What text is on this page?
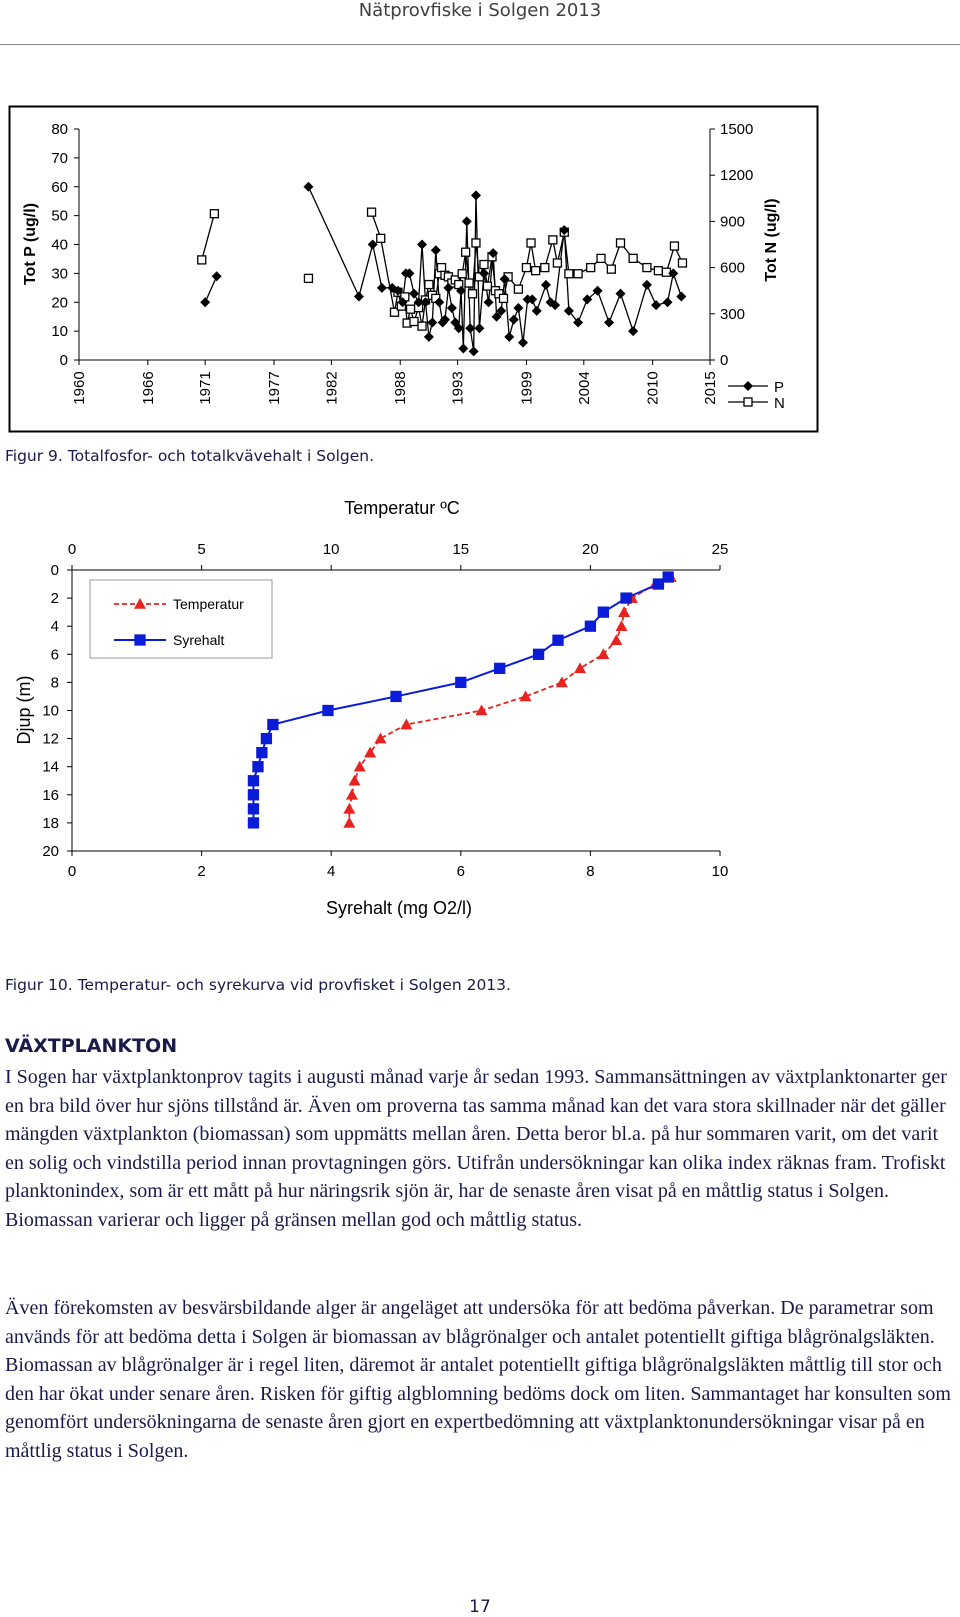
Nätprovfiske i Solgen 2013
0
10
20
30
40
50
60
70
80
0
300
600
900
1200
1500
1960	1966	1971	1977	1982	1988	1993	1999	2004	2010	2015
Tot P (ug/l)	Tot N (ug/l)
P
N
Figur 9. Totalfosfor- och totalkvävehalt i Solgen.
Temperatur ºC
0	5	10	15	20	25
0	2	4	6	8	10
0
2
4
6
8
10
12
14
16
18
20
Djup (m)
Syrehalt (mg O2/l)
Temperatur
Syrehalt
Figur 10. Temperatur- och syrekurva vid provfisket i Solgen 2013.
VÄXTPLANKTON
I Sogen har växtplanktonprov tagits i augusti månad varje år sedan 1993. Sammansättningen av växtplanktonarter ger en bra bild över hur sjöns tillstånd är. Även om proverna tas samma månad kan det vara stora skillnader när det gäller mängden växtplankton (biomassan) som uppmätts mellan åren. Detta beror bl.a. på hur sommaren varit, om det varit en solig och vindstilla period innan provtagningen görs. Utifrån undersökningar kan olika index räknas fram. Trofiskt planktonindex, som är ett mått på hur näringsrik sjön är, har de senaste åren visat på en måttlig status i Solgen. Biomassan varierar och ligger på gränsen mellan god och måttlig status.
Även förekomsten av besvärsbildande alger är angeläget att undersöka för att bedöma påverkan. De parametrar som används för att bedöma detta i Solgen är biomassan av blågrönalger och antalet potentiellt giftiga blågrönalgsläkten. Biomassan av blågrönalger är i regel liten, däremot är antalet potentiellt giftiga blågrönalgsläkten måttlig till stor och den har ökat under senare åren. Risken för giftig algblomning bedöms dock om liten. Sammantaget har konsulten som genomfört undersökningarna de senaste åren gjort en expertbedömning att växtplanktonundersökningar visar på en måttlig status i Solgen.
17
